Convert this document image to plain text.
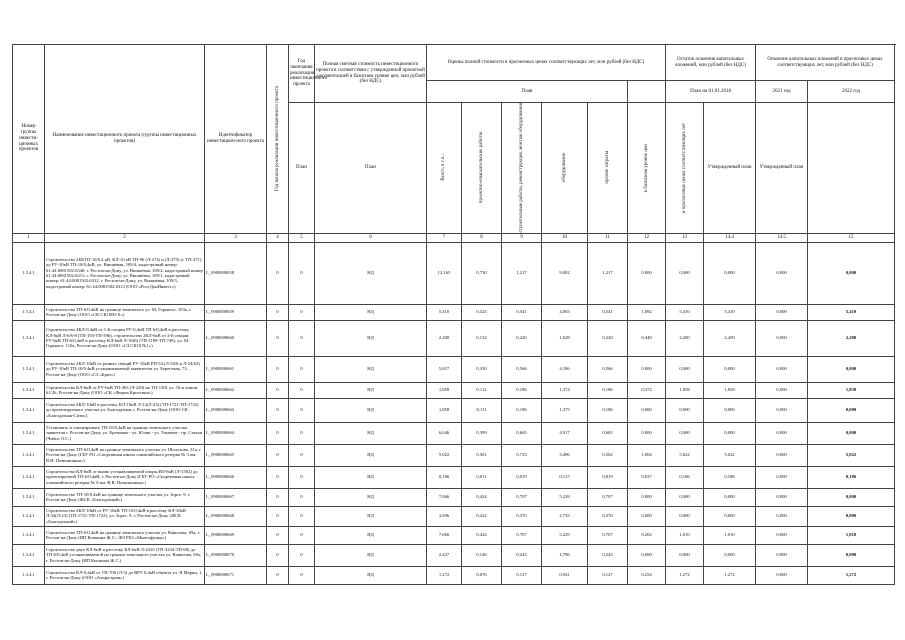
Номер группы инвести-ционных проектов	Наименование инвестиционного проекта (группы инвестиционных проектов)	Идентификатор инвестицион-ного проекта	Год начала реализации инвестиционного проекта	Год окончания реализации инвестиционного проекта	Полная сметная стоимость инвестиционного проекта в соответствии с утвержденной проектной документацией в базисном уровне цен, млн рублей (без НДС)	Оценка полной стоимости в прогнозных ценах соответствующих лет, млн рублей (без НДС)						Остаток освоения капитальных вложений, млн рублей (без НДС)		Освоение капитальных вложений в прогнозных ценах соответствующих лет, млн рублей (без НДС)		
						План						План на 01.01.2018		2021 год	2022 год	
				План	План	Всего, в т.ч.:	проектно-изыскательские работы	строительные работы, реконструкция, монтаж оборудования	оборудование	прочие затраты	в базисном уровне цен	в прогнозных ценах соответствующих лет	Утвержденный план	Утвержденный план		
1	2	3	4	5	6	7	8	9	10	11	12	13	14.4	14.5	15	
1.3.4.1	Строительство 2БКТП-10/0,4 кВ, КЛ-10 кВ ТП-96 (Л-274) и (Л-279) (с ТП-271), до РУ-10кВ ТП-10/0,4кВ, ул. Вишнёвая, 109/4, кадастровый номер: 61:44:0081502:6340; г. Ростов-на-Дону, ул. Вишнёвая, 109/2, кадастровый номер 61:44:0081502:6311; г. Ростов-на-Дону, ул. Вишнёвая, 109/1, кадастровый номер: 61:44:0081502:6312, г. Ростов-на-Дону, ул. Вишнёвая, 109/3, кадастровый номер: 61:44:0081502:6313 (ООО «РостДонИнвест»)	L_0900000658	0	0	НД	12,165	0,730	1,217	9,002	1,217	0,000	0,000	0,000	0,000	0,000	
1.3.4.1	Строительство ТП-6/0,4кВ на границе земельного ул. М. Горького, 103а, г. Ростов-на-Дону (ООО «СК СК1000-Х»)	L_0900000659	0	0	НД	5,410	0,325	0,541	4,003	0,541	1,082	5,410	5,410	0,000	5,410	
1.3.4.1	Строительство 4КЛ-0,4кВ от 1-й секции РУ-0,4кВ ТП 6/0,4кВ в рассечку КЛ-6кВ Л-6/6-8 (ТП-193-ТП-596), строительство 2КЛ-6кВ от 2-й секции РУ-6кВ ТП-6/0,4кВ в рассечку КЛ-6кВ Л-16(6) (ТП-1189-ТП-749), ул. М. Горького, 110а, Ростов-на-Дону (ООО «СЗ СК10 №1»)	L_0900000660	0	0	НД	2,200	0,132	0,220	1,628	0,220	0,440	2,200	2,200	0,000	2,200	
1.3.4.1	Строительство 2КЛ-10кВ от разных секций РУ-10кВ РП-54 (Л-54/6 и Л-54/62) до РУ-10кВ ТП-10/0,4кВ устанавливаемой заявителем ул. Береговая, 73, Ростов-на-Дону (ООО «СЗ «Бриз»)	L_0900000661	0	0	НД	5,657	0,339	0,566	4,186	0,566	0,000	0,000	0,000	0,000	0,000	
1.3.4.1	Строительство КЛ-6кВ от РУ-6кВ ТП-463 (Л-220) на ТП-1301 ул. 16-я линия, 61/26, Ростов-на-Дону (ООО «СК «Фирма Кристина»)	L_0900000662	0	0	НД	1,858	0,112	0,186	1,374	0,186	0,372	1,858	1,858	0,000	1,858	
1.3.4.1	Строительство 4КЛ-10кВ в рассечку КЛ-10кВ Л-14(Л-23) (ТП-1721-ТП-1722) до проектируемого участка ул. Благодатная, г. Ростов-на-Дону (ООО СК «Благодатная-Сити»)	L_0900000663	0	0	НД	1,858	0,111	0,186	1,375	0,186	0,000	0,000	0,000	0,000	0,000	
1.3.4.1	Установить и смонтировать ТП-10/0,4кВ на границе земельного участка заявителя г. Ростов-на-Дону, ул. Еременко - ул. Юлия - ул. Тимчева - пр. Стачки (Чибис О.С.)	L_0900000664	0	0	НД	6,646	0,399	0,665	4,917	0,665	0,000	0,000	0,000	0,000	0,000	
1.3.4.1	Строительство ТП-6/0,4кВ на границе земельного участка ул. Шолохова, 31а, г. Ростов-на-Дону (ГБУ РО «Спортивная школа олимпийского резерва № 3 им. В.Н. Повалишина»)	L_0900000665	0	0	НД	5,022	0,301	0,723	3,496	0,502	1,004	5,022	5,022	0,000	5,022	
1.3.4.1	Строительство КЛ-6кВ от вновь устанавливаемой опоры ВЛ-6кВ (Л-1502) до проектируемой ТП-6/0,4кВ, г. Ростов-на-Дону (ГБУ РО «Спортивная школа олимпийского резерва № 8 им. В.В. Повалишина»)	L_0900000666	0	0	НД	0,186	0,011	0,019	0,137	0,019	0,037	0,186	0,186	0,000	0,186	
1.3.4.1	Строительство ТП-10/0,4кВ на границе земельного участка ул. Зорге, 9, г. Ростов-на-Дону (ЖСК «Благодатный»)	L_0900000667	0	0	НД	7,066	0,424	0,707	5,229	0,707	0,000	0,000	0,000	0,000	0,000	
1.3.4.1	Строительство 4КЛ-10кВ от РУ-10кВ ТП-10/0,4кВ в рассечку КЛ-10кВ Л-34(Л-23) (ТП-1721-ТП-1722), ул. Зорге, 9, г. Ростов-на-Дону (ЖСК «Благодатный»)	L_0900000668	0	0	НД	3,696	0,222	0,370	2,735	0,370	0,000	0,000	0,000	0,000	0,000	
1.3.4.1	Строительство ТП-6/0,4кВ на границе земельного участка ул. Вавилова, 69а, г. Ростов-на-Дону (ИП Кошкина Ж.С.; ФЛ РХЗ «Многофункц»)	L_0900000669	0	0	НД	7,066	0,424	0,707	5,229	0,707	0,202	1,010	1,010	0,000	1,010	
1.3.4.1	Строительство двух КЛ-6кВ в рассечку КЛ-6кВ Л-2410 (ТП-3234-ТП-68) до ТП-6/0,4кВ устанавливаемой на границе земельного участка ул. Вавилова, 69а, г. Ростов-на-Дону (ИП Кошкина Ж.С.)	L_0900000670	0	0	НД	2,427	0,146	0,243	1,796	0,243	0,000	0,000	0,000	0,000	0,000	
1.3.4.1	Строительство КЛ-0,4кВ от ТП-706 (Л-3) до ВРУ 0,4кВ объекта ул. Я Марин, 1, г. Ростов-на-Дону (ООО «Альфа-кран»)	L_0900000671	0	0	НД	1,272	0,076	0,127	0,941	0,127	0,254	1,272	1,272	0,000	1,272	
